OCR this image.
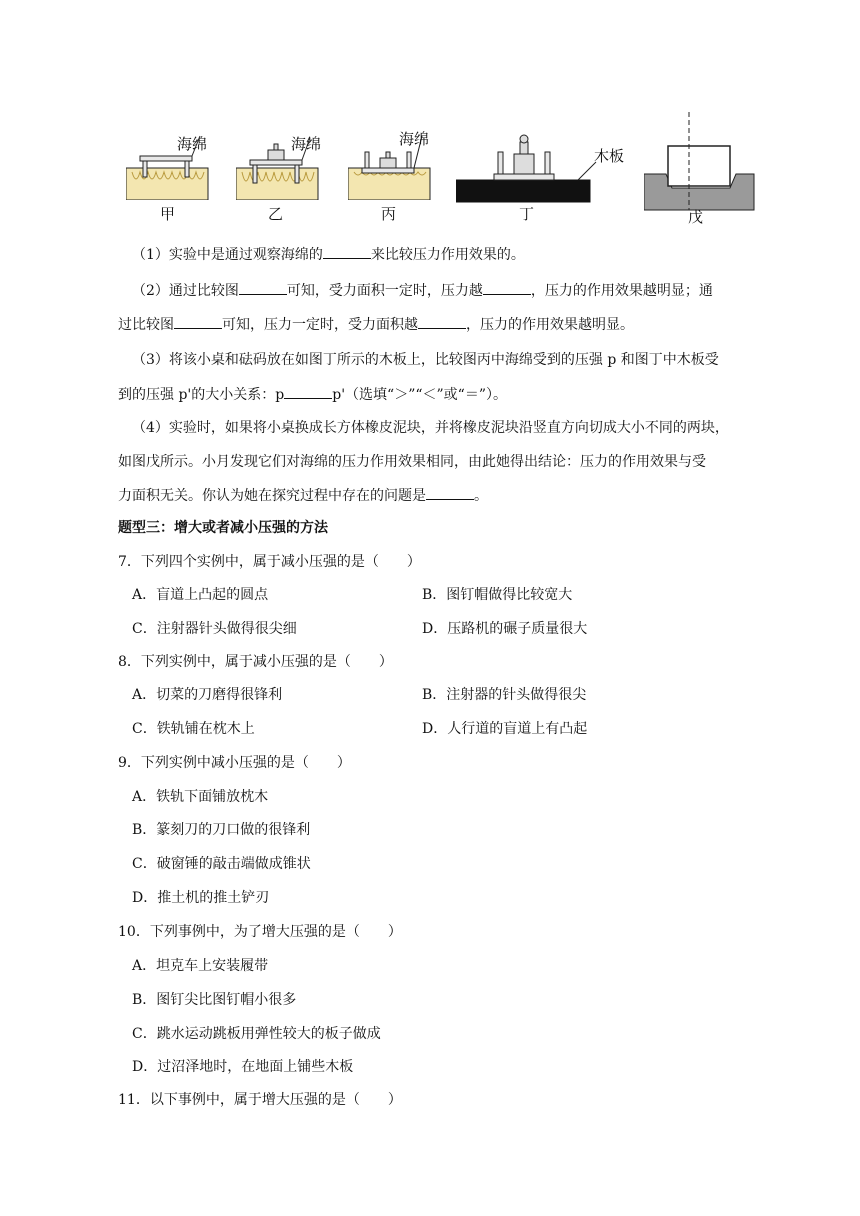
海绵
甲
海绵
乙
海绵
丙
木板
丁	戊
（1）实验中是通过观察海绵的	来比较压力作用效果的。
（2）通过比较图	可知，受力面积一定时，压力越	，压力的作用效果越明显；通
过比较图	可知，压力一定时，受力面积越	，压力的作用效果越明显。
（3）将该小桌和砝码放在如图丁所示的木板上，比较图丙中海绵受到的压强 p 和图丁中木板受
到的压强 p'的大小关系：p	p'（选填“＞”“＜”或“＝”）。
（4）实验时，如果将小桌换成长方体橡皮泥块，并将橡皮泥块沿竖直方向切成大小不同的两块，
如图戊所示。小月发现它们对海绵的压力作用效果相同，由此她得出结论：压力的作用效果与受
力面积无关。你认为她在探究过程中存在的问题是	。
题型三：增大或者减小压强的方法
7．下列四个实例中，属于减小压强的是（　　）
A．盲道上凸起的圆点	B．图钉帽做得比较宽大
C．注射器针头做得很尖细	D．压路机的碾子质量很大
8．下列实例中，属于减小压强的是（　　）
A．切菜的刀磨得很锋利	B．注射器的针头做得很尖
C．铁轨铺在枕木上	D．人行道的盲道上有凸起
9．下列实例中减小压强的是（　　）
A．铁轨下面铺放枕木
B．篆刻刀的刀口做的很锋利
C．破窗锤的敲击端做成锥状
D．推土机的推土铲刃
10．下列事例中，为了增大压强的是（　　）
A．坦克车上安装履带
B．图钉尖比图钉帽小很多
C．跳水运动跳板用弹性较大的板子做成
D．过沼泽地时，在地面上铺些木板
11．以下事例中，属于增大压强的是（　　）
